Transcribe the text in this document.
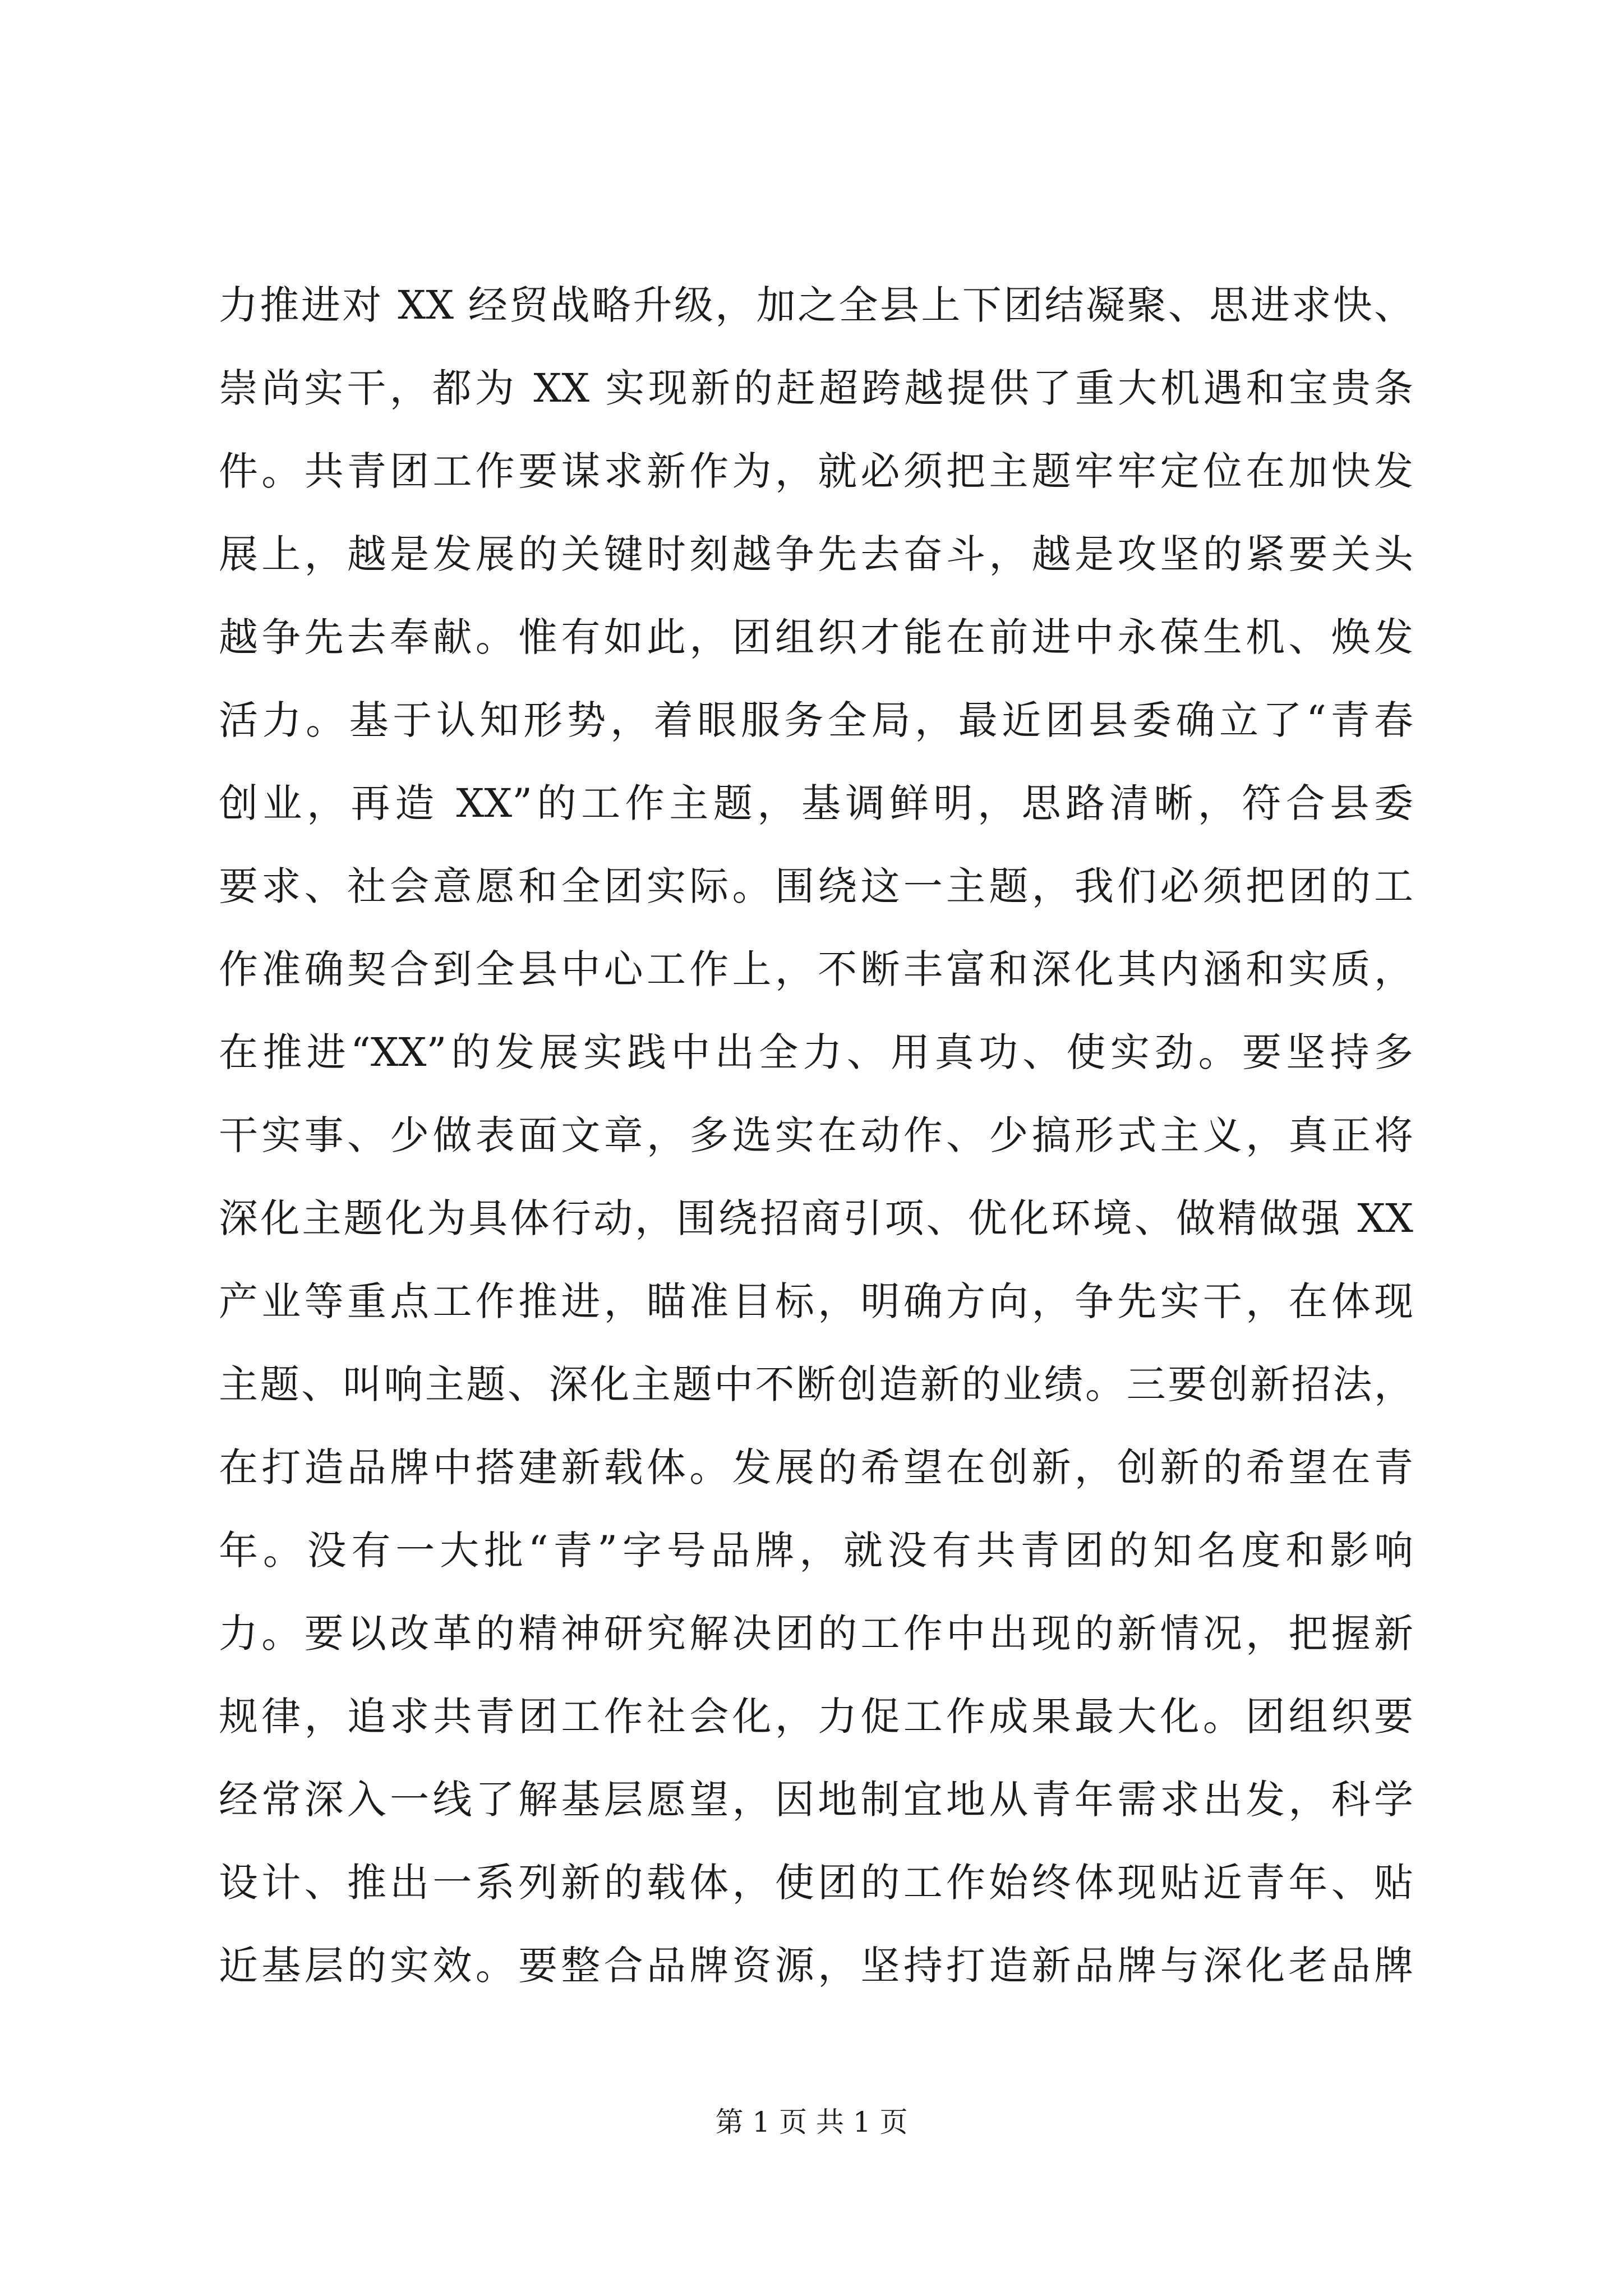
力推进对 XX 经贸战略升级，加之全县上下团结凝聚、思进求快、
崇尚实干，都为 XX 实现新的赶超跨越提供了重大机遇和宝贵条
件。共青团工作要谋求新作为，就必须把主题牢牢定位在加快发
展上，越是发展的关键时刻越争先去奋斗，越是攻坚的紧要关头
越争先去奉献。惟有如此，团组织才能在前进中永葆生机、焕发
活力。基于认知形势，着眼服务全局，最近团县委确立了“青春
创业，再造 XX”的工作主题，基调鲜明，思路清晰，符合县委
要求、社会意愿和全团实际。围绕这一主题，我们必须把团的工
作准确契合到全县中心工作上，不断丰富和深化其内涵和实质，
在推进“XX”的发展实践中出全力、用真功、使实劲。要坚持多
干实事、少做表面文章，多选实在动作、少搞形式主义，真正将
深化主题化为具体行动，围绕招商引项、优化环境、做精做强 XX
产业等重点工作推进，瞄准目标，明确方向，争先实干，在体现
主题、叫响主题、深化主题中不断创造新的业绩。三要创新招法，
在打造品牌中搭建新载体。发展的希望在创新，创新的希望在青
年。没有一大批“青”字号品牌，就没有共青团的知名度和影响
力。要以改革的精神研究解决团的工作中出现的新情况，把握新
规律，追求共青团工作社会化，力促工作成果最大化。团组织要
经常深入一线了解基层愿望，因地制宜地从青年需求出发，科学
设计、推出一系列新的载体，使团的工作始终体现贴近青年、贴
近基层的实效。要整合品牌资源，坚持打造新品牌与深化老品牌
第 1 页 共 1 页
